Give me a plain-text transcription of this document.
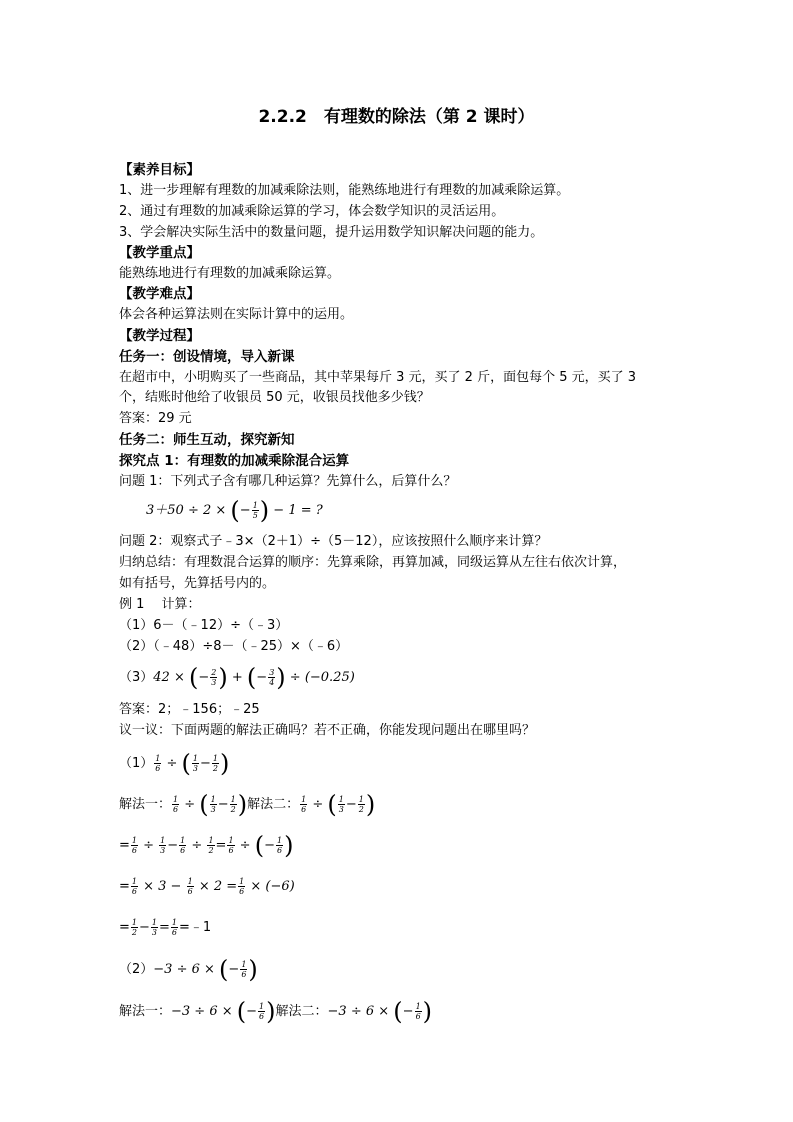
2.2.2　有理数的除法（第 2 课时）
【素养目标】
1、进一步理解有理数的加减乘除法则，能熟练地进行有理数的加减乘除运算。
2、通过有理数的加减乘除运算的学习，体会数学知识的灵活运用。
3、学会解决实际生活中的数量问题，提升运用数学知识解决问题的能力。
【教学重点】
能熟练地进行有理数的加减乘除运算。
【教学难点】
体会各种运算法则在实际计算中的运用。
【教学过程】
任务一：创设情境，导入新课
在超市中，小明购买了一些商品，其中苹果每斤 3 元，买了 2 斤，面包每个 5 元，买了 3
个，结账时他给了收银员 50 元，收银员找他多少钱？
答案：29 元
任务二：师生互动，探究新知
探究点 1：有理数的加减乘除混合运算
问题 1：下列式子含有哪几种运算？先算什么，后算什么？
3＋50 ÷ 2 × (− $\frac{1}{5}$ ) − 1 = ?
问题 2：观察式子﹣3×（2＋1）÷（5－12），应该按照什么顺序来计算？
归纳总结：有理数混合运算的顺序：先算乘除，再算加减，同级运算从左往右依次计算，
如有括号，先算括号内的。
例 1　 计算：
（1）6－（﹣12）÷（﹣3）
（2）（﹣48）÷8－（﹣25）×（﹣6）
（3）42 × (− $\frac{2}{3}$ ) + (− $\frac{3}{4}$ ) ÷ (−0.25)
答案：2；﹣156；﹣25
议一议：下面两题的解法正确吗？若不正确，你能发现问题出在哪里吗？
$(1) \frac{1}{6}$ ÷ ( $\frac{1}{3} - \frac{1}{2}$ )
解法一： $\frac{1}{6}$ ÷ ( $\frac{1}{3} - \frac{1}{2}$ )解法二： $\frac{1}{6}$ ÷ ( $\frac{1}{3} - \frac{1}{2}$ )
= $\frac{1}{6} \div \frac{1}{3} - \frac{1}{6} \div \frac{1}{2} = \frac{1}{6}$ ÷ (− $\frac{1}{6}$ )
= $\frac{1}{6} \times 3 - \frac{1}{6} \times 2 = \frac{1}{6} \times (-6)$
= $\frac{1}{2} - \frac{1}{3} = \frac{1}{6}$ =﹣1
（2）−3 ÷ 6 × (− $\frac{1}{6}$ )
解法一：−3 ÷ 6 × (− $\frac{1}{6}$ )解法二：−3 ÷ 6 × (− $\frac{1}{6}$ )
